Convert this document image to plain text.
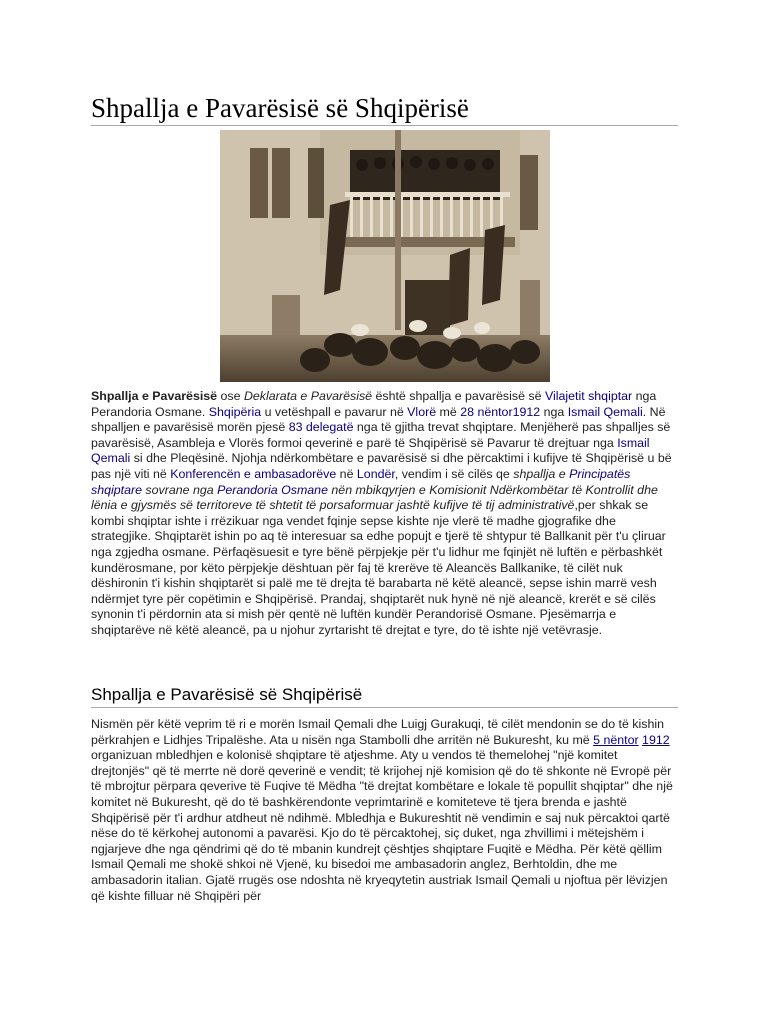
Shpallja e Pavarësisë së Shqipërisë

Shpallja e Pavarësisë ose Deklarata e Pavarësisë është shpallja e pavarësisë së Vilajetit shqiptar nga Perandoria Osmane. Shqipëria u vetëshpall e pavarur në Vlorë më 28 nëntor1912 nga Ismail Qemali. Në shpalljen e pavarësisë morën pjesë 83 delegatë nga të gjitha trevat shqiptare. Menjëherë pas shpalljes së pavarësisë, Asambleja e Vlorës formoi qeverinë e parë të Shqipërisë së Pavarur të drejtuar nga Ismail Qemali si dhe Pleqësinë. Njohja ndërkombëtare e pavarësisë si dhe përcaktimi i kufijve të Shqipërisë u bë pas një viti në Konferencën e ambasadorëve në Londër, vendim i së cilës qe shpallja e Principatës shqiptare sovrane nga Perandoria Osmane nën mbikqyrjen e Komisionit Ndërkombëtar të Kontrollit dhe lënia e gjysmës së territoreve të shtetit të porsaformuar jashtë kufijve të tij administrativë,per shkak se kombi shqiptar ishte i rrëzikuar nga vendet fqinje sepse kishte nje vlerë të madhe gjografike dhe strategjike. Shqiptarët ishin po aq të interesuar sa edhe popujt e tjerë të shtypur të Ballkanit për t'u çliruar nga zgjedha osmane. Përfaqësuesit e tyre bënë përpjekje për t'u lidhur me fqinjët në luftën e përbashkët kundërosmane, por këto përpjekje dështuan për faj të krerëve të Aleancës Ballkanike, të cilët nuk dëshironin t'i kishin shqiptarët si palë me të drejta të barabarta në këtë aleancë, sepse ishin marrë vesh ndërmjet tyre për copëtimin e Shqipërisë. Prandaj, shqiptarët nuk hynë në një aleancë, krerët e së cilës synonin t'i përdornin ata si mish për qentë në luftën kundër Perandorisë Osmane. Pjesëmarrja e shqiptarëve në këtë aleancë, pa u njohur zyrtarisht të drejtat e tyre, do të ishte një vetëvrasje.

Shpallja e Pavarësisë së Shqipërisë

Nismën për këtë veprim të ri e morën Ismail Qemali dhe Luigj Gurakuqi, të cilët mendonin se do të kishin përkrahjen e Lidhjes Tripalëshe. Ata u nisën nga Stambolli dhe arritën në Bukuresht, ku më 5 nëntor 1912 organizuan mbledhjen e kolonisë shqiptare të atjeshme. Aty u vendos të themelohej "një komitet drejtonjës" që të merrte në dorë qeverinë e vendit; të krijohej një komision që do të shkonte në Evropë për të mbrojtur përpara qeverive të Fuqive të Mëdha "të drejtat kombëtare e lokale të popullit shqiptar" dhe një komitet në Bukuresht, që do të bashkërendonte veprimtarinë e komiteteve të tjera brenda e jashtë Shqipërisë për t'i ardhur atdheut në ndihmë. Mbledhja e Bukureshtit në vendimin e saj nuk përcaktoi qartë nëse do të kërkohej autonomi a pavarësi. Kjo do të përcaktohej, siç duket, nga zhvillimi i mëtejshëm i ngjarjeve dhe nga qëndrimi që do të mbanin kundrejt çështjes shqiptare Fuqitë e Mëdha. Për këtë qëllim Ismail Qemali me shokë shkoi në Vjenë, ku bisedoi me ambasadorin anglez, Berhtoldin, dhe me ambasadorin italian. Gjatë rrugës ose ndoshta në kryeqytetin austriak Ismail Qemali u njoftua për lëvizjen që kishte filluar në Shqipëri për
